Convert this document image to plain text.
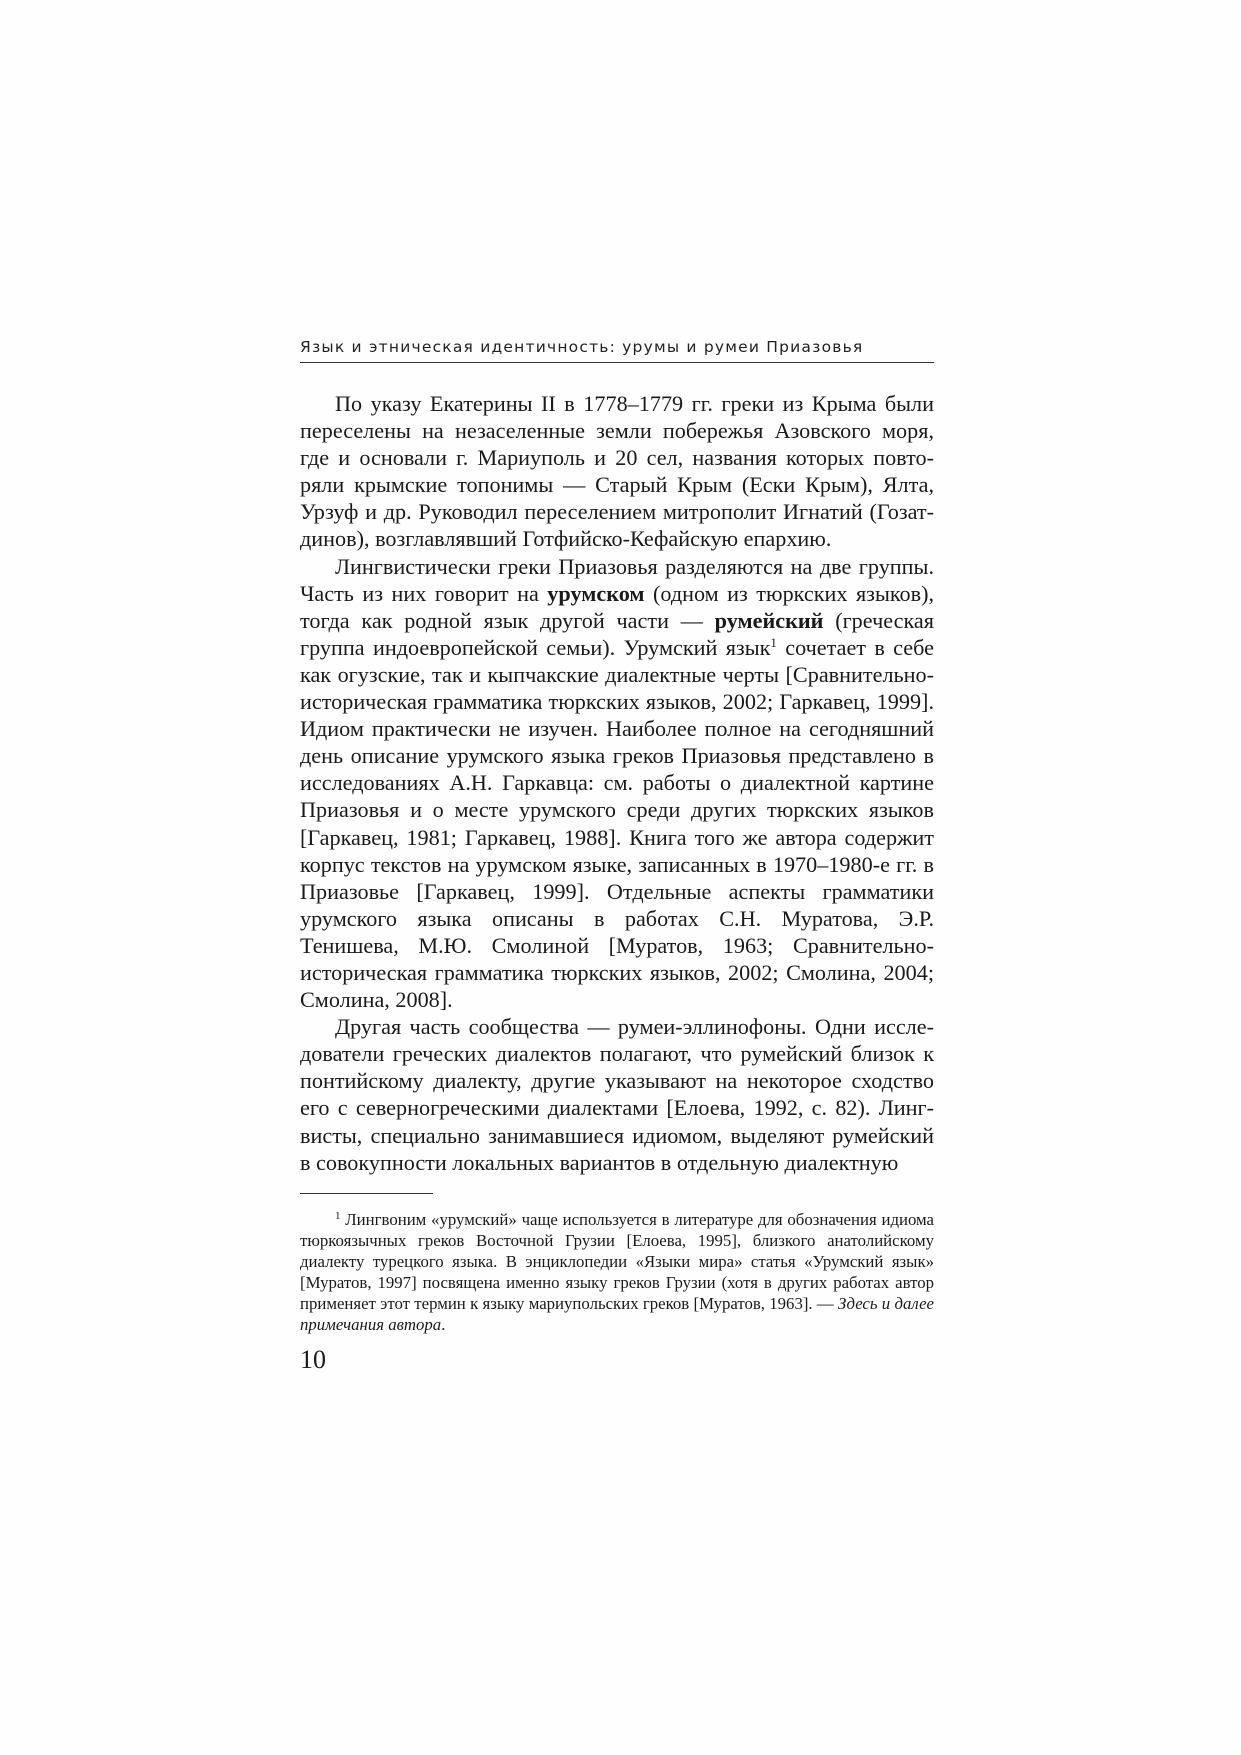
Язык и этническая идентичность: урумы и румеи Приазовья

По указу Екатерины II в 1778–1779 гг. греки из Крыма были переселены на незаселенные земли побережья Азовского моря, где и основали г. Мариуполь и 20 сел, названия которых повторяли крымские топонимы — Старый Крым (Ески Крым), Ялта, Урзуф и др. Руководил переселением митрополит Игнатий (Гозатдинов), возглавлявший Готфийско-Кефайскую епархию.

Лингвистически греки Приазовья разделяются на две группы. Часть из них говорит на урумском (одном из тюркских языков), тогда как родной язык другой части — румейский (греческая группа индоевропейской семьи). Урумский язык$^1$ сочетает в себе как огузские, так и кыпчакские диалектные черты [Сравнительно-историческая грамматика тюркских языков, 2002; Гаркавец, 1999]. Идиом практически не изучен. Наиболее полное на сегодняшний день описание урумского языка греков Приазовья представлено в исследованиях А.Н. Гаркавца: см. работы о диалектной картине Приазовья и о месте урумского среди других тюркских языков [Гаркавец, 1981; Гаркавец, 1988]. Книга того же автора содержит корпус текстов на урумском языке, записанных в 1970–1980-е гг. в Приазовье [Гаркавец, 1999]. Отдельные аспекты грамматики урумского языка описаны в работах С.Н. Муратова, Э.Р. Тенишева, М.Ю. Смолиной [Муратов, 1963; Сравнительно-историческая грамматика тюркских языков, 2002; Смолина, 2004; Смолина, 2008].

Другая часть сообщества — румеи-эллинофоны. Одни исследователи греческих диалектов полагают, что румейский близок к понтийскому диалекту, другие указывают на некоторое сходство его с северногреческими диалектами [Елоева, 1992, с. 82). Лингвисты, специально занимавшиеся идиомом, выделяют румейский в совокупности локальных вариантов в отдельную диалектную

$^1$ Лингвоним «урумский» чаще используется в литературе для обозначения идиома тюркоязычных греков Восточной Грузии [Елоева, 1995], близкого анатолийскому диалекту турецкого языка. В энциклопедии «Языки мира» статья «Урумский язык» [Муратов, 1997] посвящена именно языку греков Грузии (хотя в других работах автор применяет этот термин к языку мариупольских греков [Муратов, 1963]. — Здесь и далее примечания автора.
10
